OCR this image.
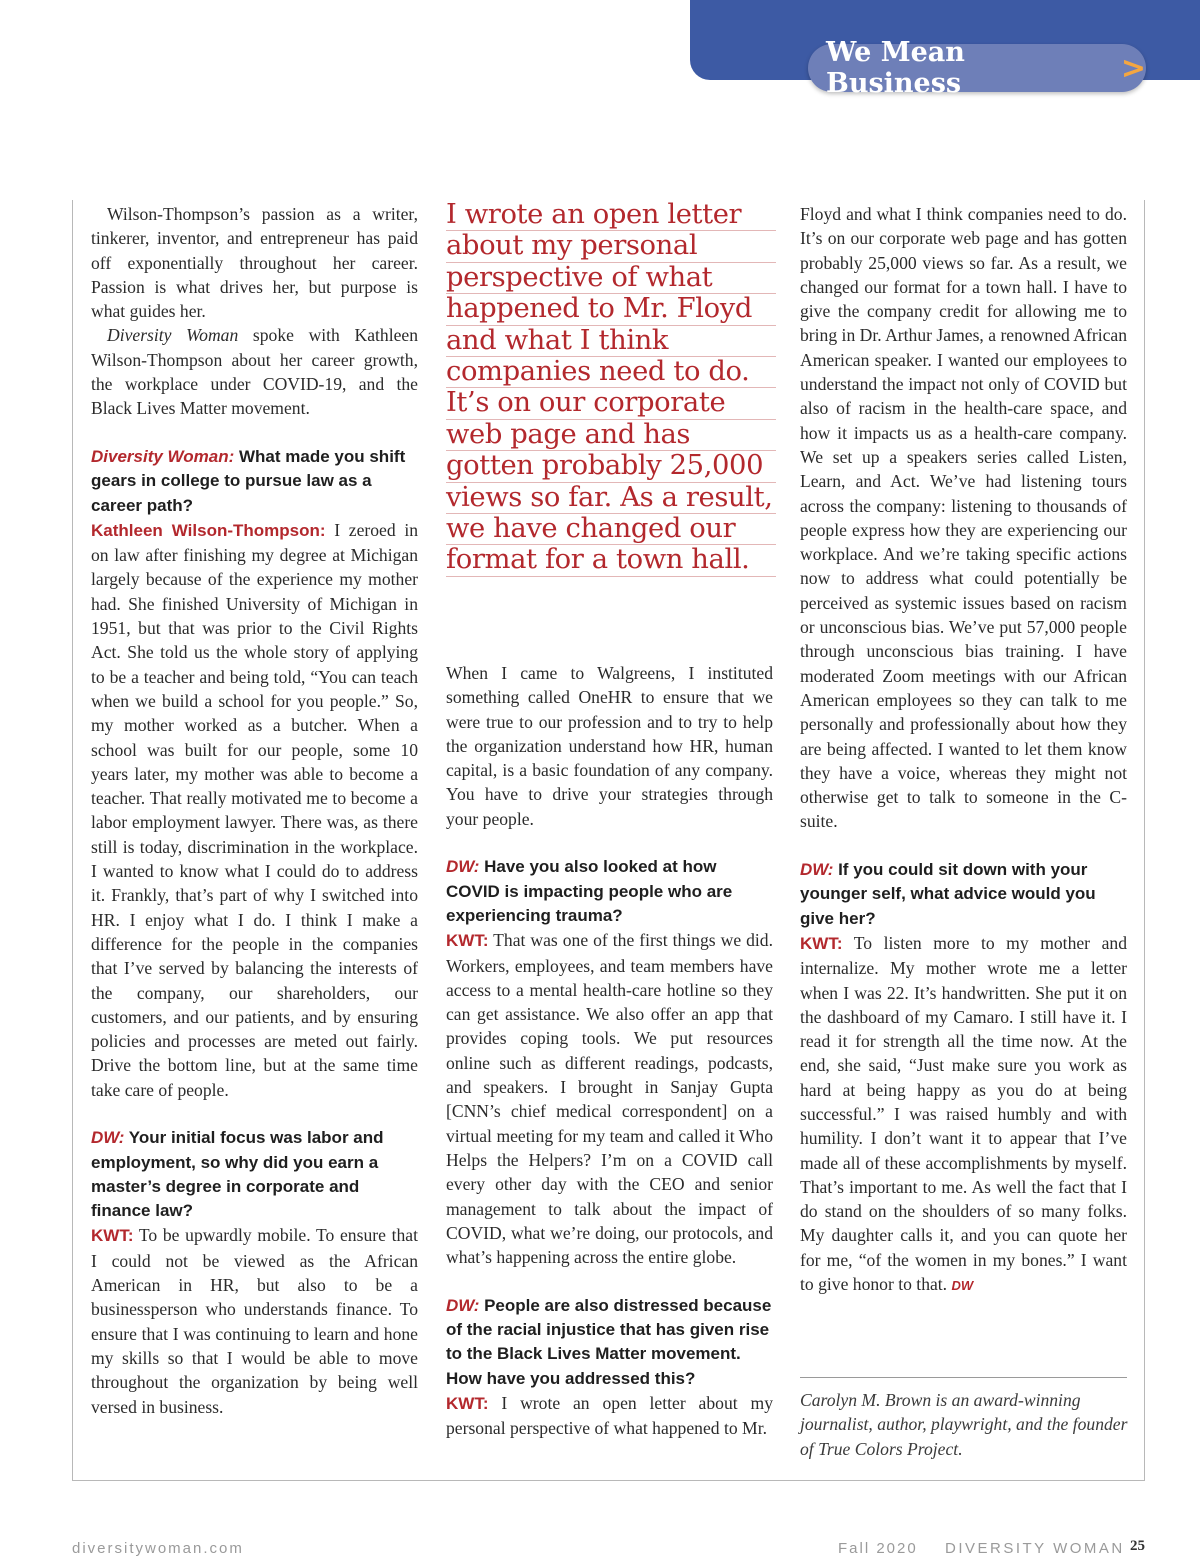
We Mean Business	>

Wilson-Thompson’s passion as a writer, tinkerer, inventor, and entrepreneur has paid off exponentially throughout her career. Passion is what drives her, but purpose is what guides her.

Diversity Woman spoke with Kathleen Wilson-Thompson about her career growth, the workplace under COVID-19, and the Black Lives Matter movement.

Diversity Woman: What made you shift gears in college to pursue law as a career path?

Kathleen Wilson-Thompson: I zeroed in on law after finishing my degree at Michigan largely because of the experience my mother had. She finished University of Michigan in 1951, but that was prior to the Civil Rights Act. She told us the whole story of applying to be a teacher and being told, “You can teach when we build a school for you people.” So, my mother worked as a butcher. When a school was built for our people, some 10 years later, my mother was able to become a teacher. That really motivated me to become a labor employment lawyer. There was, as there still is today, discrimination in the workplace. I wanted to know what I could do to address it. Frankly, that’s part of why I switched into HR. I enjoy what I do. I think I make a difference for the people in the companies that I’ve served by balancing the interests of the company, our shareholders, our customers, and our patients, and by ensuring policies and processes are meted out fairly. Drive the bottom line, but at the same time take care of people.

DW: Your initial focus was labor and employment, so why did you earn a master’s degree in corporate and finance law?

KWT: To be upwardly mobile. To ensure that I could not be viewed as the African American in HR, but also to be a businessperson who understands finance. To ensure that I was continuing to learn and hone my skills so that I would be able to move throughout the organization by being well versed in business.

I wrote an open letter
about my personal
perspective of what
happened to Mr. Floyd
and what I think
companies need to do.
It’s on our corporate
web page and has
gotten probably 25,000
views so far. As a result,
we have changed our
format for a town hall.

When I came to Walgreens, I instituted something called OneHR to ensure that we were true to our profession and to try to help the organization understand how HR, human capital, is a basic foundation of any company. You have to drive your strategies through your people.

DW: Have you also looked at how COVID is impacting people who are experiencing trauma?

KWT: That was one of the first things we did. Workers, employees, and team members have access to a mental health-care hotline so they can get assistance. We also offer an app that provides coping tools. We put resources online such as different readings, podcasts, and speakers. I brought in Sanjay Gupta [CNN’s chief medical correspondent] on a virtual meeting for my team and called it Who Helps the Helpers? I’m on a COVID call every other day with the CEO and senior management to talk about the impact of COVID, what we’re doing, our protocols, and what’s happening across the entire globe.

DW: People are also distressed because of the racial injustice that has given rise to the Black Lives Matter movement. How have you addressed this?

KWT: I wrote an open letter about my personal perspective of what happened to Mr.

Floyd and what I think companies need to do. It’s on our corporate web page and has gotten probably 25,000 views so far. As a result, we changed our format for a town hall. I have to give the company credit for allowing me to bring in Dr. Arthur James, a renowned African American speaker. I wanted our employees to understand the impact not only of COVID but also of racism in the health-care space, and how it impacts us as a health-care company. We set up a speakers series called Listen, Learn, and Act. We’ve had listening tours across the company: listening to thousands of people express how they are experiencing our workplace. And we’re taking specific actions now to address what could potentially be perceived as systemic issues based on racism or unconscious bias. We’ve put 57,000 people through unconscious bias training. I have moderated Zoom meetings with our African American employees so they can talk to me personally and professionally about how they are being affected. I wanted to let them know they have a voice, whereas they might not otherwise get to talk to someone in the C-suite.

DW: If you could sit down with your younger self, what advice would you give her?

KWT: To listen more to my mother and internalize. My mother wrote me a letter when I was 22. It’s handwritten. She put it on the dashboard of my Camaro. I still have it. I read it for strength all the time now. At the end, she said, “Just make sure you work as hard at being happy as you do at being successful.” I was raised humbly and with humility. I don’t want it to appear that I’ve made all of these accomplishments by myself. That’s important to me. As well the fact that I do stand on the shoulders of so many folks. My daughter calls it, and you can quote her for me, “of the women in my bones.” I want to give honor to that. DW

Carolyn M. Brown is an award-winning journalist, author, playwright, and the founder of True Colors Project.

diversitywoman.com	Fall 2020 DIVERSITY WOMAN 25
